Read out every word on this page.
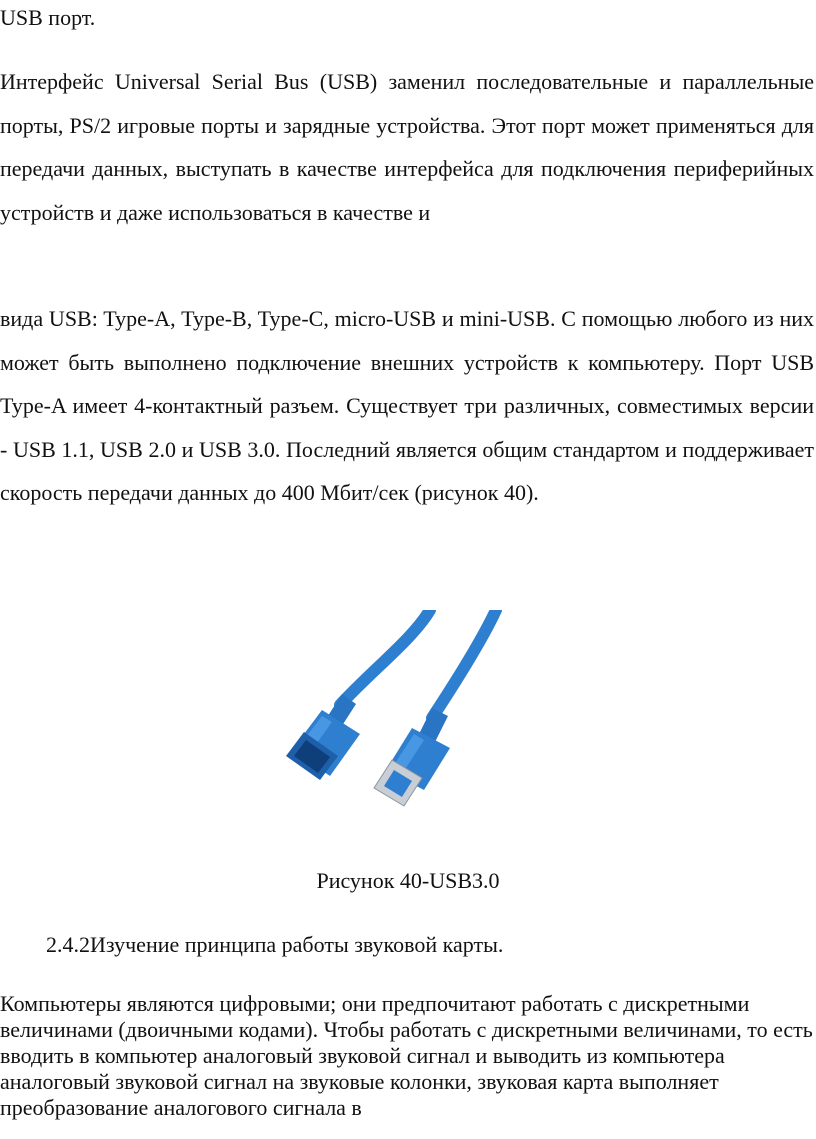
USB порт.

Интерфейс Universal Serial Bus (USB) заменил последовательные и параллельные порты, PS/2 игровые порты и зарядные устройства. Этот порт может применяться для передачи данных, выступать в качестве интерфейса для подключения периферийных устройств и даже использоваться в качестве и

вида USB: Type-A, Type-B, Type-C, micro-USB и mini-USB. С помощью любого из них может быть выполнено подключение внешних устройств к компьютеру. Порт USB Type-A имеет 4-контактный разъем. Существует три различных, совместимых версии - USB 1.1, USB 2.0 и USB 3.0. Последний является общим стандартом и поддерживает скорость передачи данных до 400 Мбит/сек (рисунок 40).

Рисунок 40-USB3.0

2.4.2Изучение принципа работы звуковой карты.

Компьютеры являются цифровыми; они предпочитают работать с дискретными величинами (двоичными кодами). Чтобы работать с дискретными величинами, то есть вводить в компьютер аналоговый звуковой сигнал и выводить из компьютера аналоговый звуковой сигнал на звуковые колонки, звуковая карта выполняет преобразование аналогового сигнала в
